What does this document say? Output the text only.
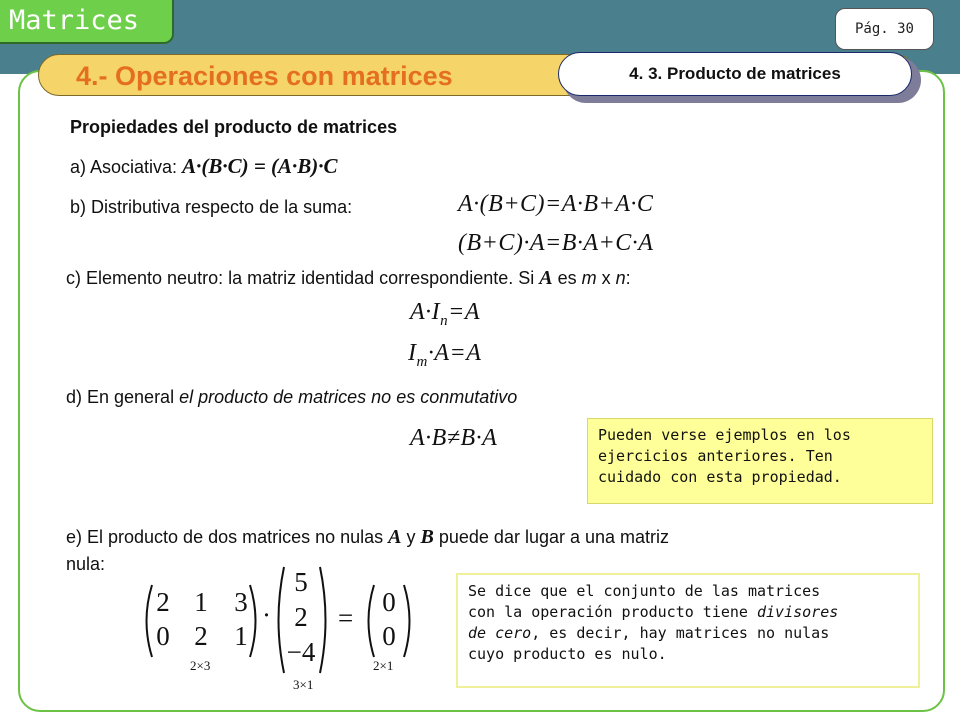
Matrices	Pág. 30
4.- Operaciones con matrices	4. 3. Producto de matrices
Propiedades del producto de matrices
a) Asociativa: A·(B·C) = (A·B)·C
b) Distributiva respecto de la suma:	A·(B+C)=A·B+A·C
(B+C)·A=B·A+C·A
c) Elemento neutro: la matriz identidad correspondiente. Si A es m x n:
$A\cdot I_n=A$
$I_m\cdot A=A$
d) En general el producto de matrices no es conmutativo
A·B≠B·A	Pueden verse ejemplos en los
ejercicios anteriores. Ten
cuidado con esta propiedad.
e) El producto de dos matrices no nulas A y B puede dar lugar a una matriz
nula:
2 1 3
0 2 1
2×3
·
5
2
−4
3×1
=
0
0
2×1
Se dice que el conjunto de las matrices
con la operación producto tiene divisores
de cero, es decir, hay matrices no nulas
cuyo producto es nulo.
